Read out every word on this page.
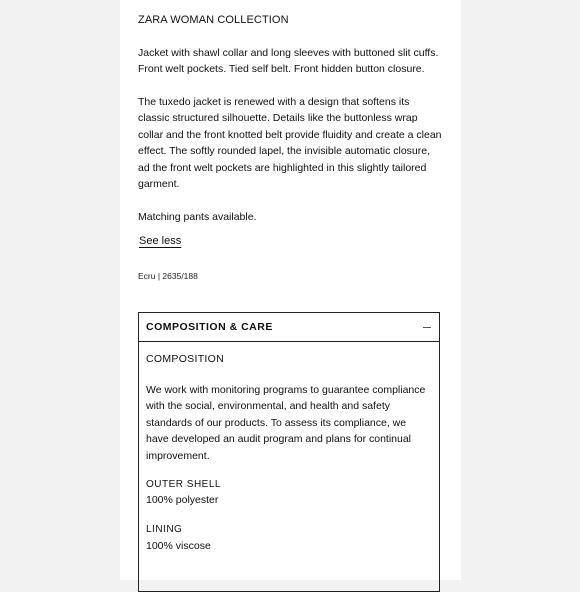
ZARA WOMAN COLLECTION

Jacket with shawl collar and long sleeves with buttoned slit cuffs. Front welt pockets. Tied self belt. Front hidden button closure.

The tuxedo jacket is renewed with a design that softens its classic structured silhouette. Details like the buttonless wrap collar and the front knotted belt provide fluidity and create a clean effect. The softly rounded lapel, the invisible automatic closure, ad the front welt pockets are highlighted in this slightly tailored garment.

Matching pants available.
See less
Ecru | 2635/188
COMPOSITION & CARE
COMPOSITION

We work with monitoring programs to guarantee compliance with the social, environmental, and health and safety standards of our products. To assess its compliance, we have developed an audit program and plans for continual improvement.

OUTER SHELL
100% polyester
LINING
100% viscose
